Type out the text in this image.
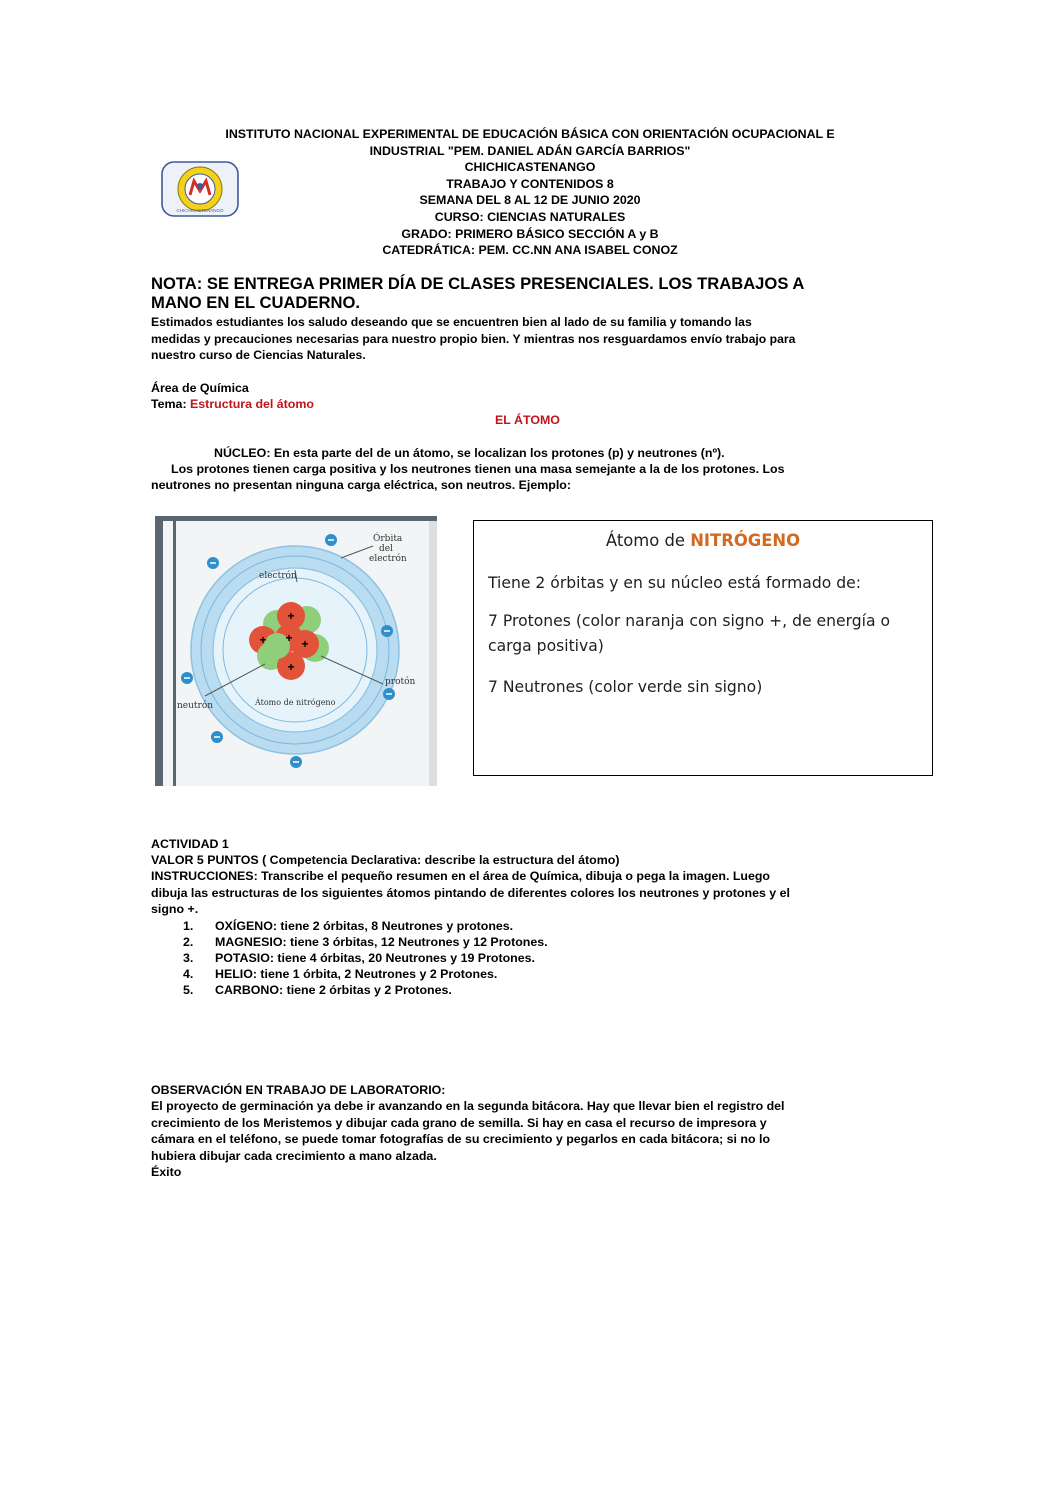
CHICHICASTENANGO
INSTITUTO NACIONAL EXPERIMENTAL DE EDUCACIÓN BÁSICA CON ORIENTACIÓN OCUPACIONAL E
INDUSTRIAL "PEM. DANIEL ADÁN GARCÍA BARRIOS"
CHICHICASTENANGO
TRABAJO Y CONTENIDOS 8
SEMANA DEL 8 AL 12 DE JUNIO 2020
CURSO: CIENCIAS NATURALES
GRADO: PRIMERO BÁSICO SECCIÓN A y B
CATEDRÁTICA: PEM. CC.NN ANA ISABEL CONOZ
NOTA: SE ENTREGA PRIMER DÍA DE CLASES PRESENCIALES. LOS TRABAJOS A
MANO EN EL CUADERNO.
Estimados estudiantes los saludo deseando que se encuentren bien al lado de su familia y tomando las
medidas y precauciones necesarias para nuestro propio bien. Y mientras nos resguardamos envío trabajo para
nuestro curso de Ciencias Naturales.
Área de Química
Tema: Estructura del átomo
EL ÁTOMO
NÚCLEO: En esta parte del de un átomo, se localizan los protones (p) y neutrones (nº).
Los protones tienen carga positiva y los neutrones tienen una masa semejante a la de los protones. Los
neutrones no presentan ninguna carga eléctrica, son neutros. Ejemplo:
+
+ + +
+
Órbita
del
electrón
electrón
protón
neutrón	Átomo de nitrógeno
Átomo de NITRÓGENO
Tiene 2 órbitas y en su núcleo está formado de:
7 Protones (color naranja con signo +, de energía o
carga positiva)
7 Neutrones (color verde sin signo)
ACTIVIDAD 1
VALOR 5 PUNTOS ( Competencia Declarativa: describe la estructura del átomo)
INSTRUCCIONES: Transcribe el pequeño resumen en el área de Química, dibuja o pega la imagen. Luego
dibuja las estructuras de los siguientes átomos pintando de diferentes colores los neutrones y protones y el
signo +.
1. OXÍGENO: tiene 2 órbitas, 8 Neutrones y protones.
2. MAGNESIO: tiene 3 órbitas, 12 Neutrones y 12 Protones.
3. POTASIO: tiene 4 órbitas, 20 Neutrones y 19 Protones.
4. HELIO: tiene 1 órbita, 2 Neutrones y 2 Protones.
5. CARBONO: tiene 2 órbitas y 2 Protones.
OBSERVACIÓN EN TRABAJO DE LABORATORIO:
El proyecto de germinación ya debe ir avanzando en la segunda bitácora. Hay que llevar bien el registro del
crecimiento de los Meristemos y dibujar cada grano de semilla. Si hay en casa el recurso de impresora y
cámara en el teléfono, se puede tomar fotografías de su crecimiento y pegarlos en cada bitácora; si no lo
hubiera dibujar cada crecimiento a mano alzada.
Éxito
